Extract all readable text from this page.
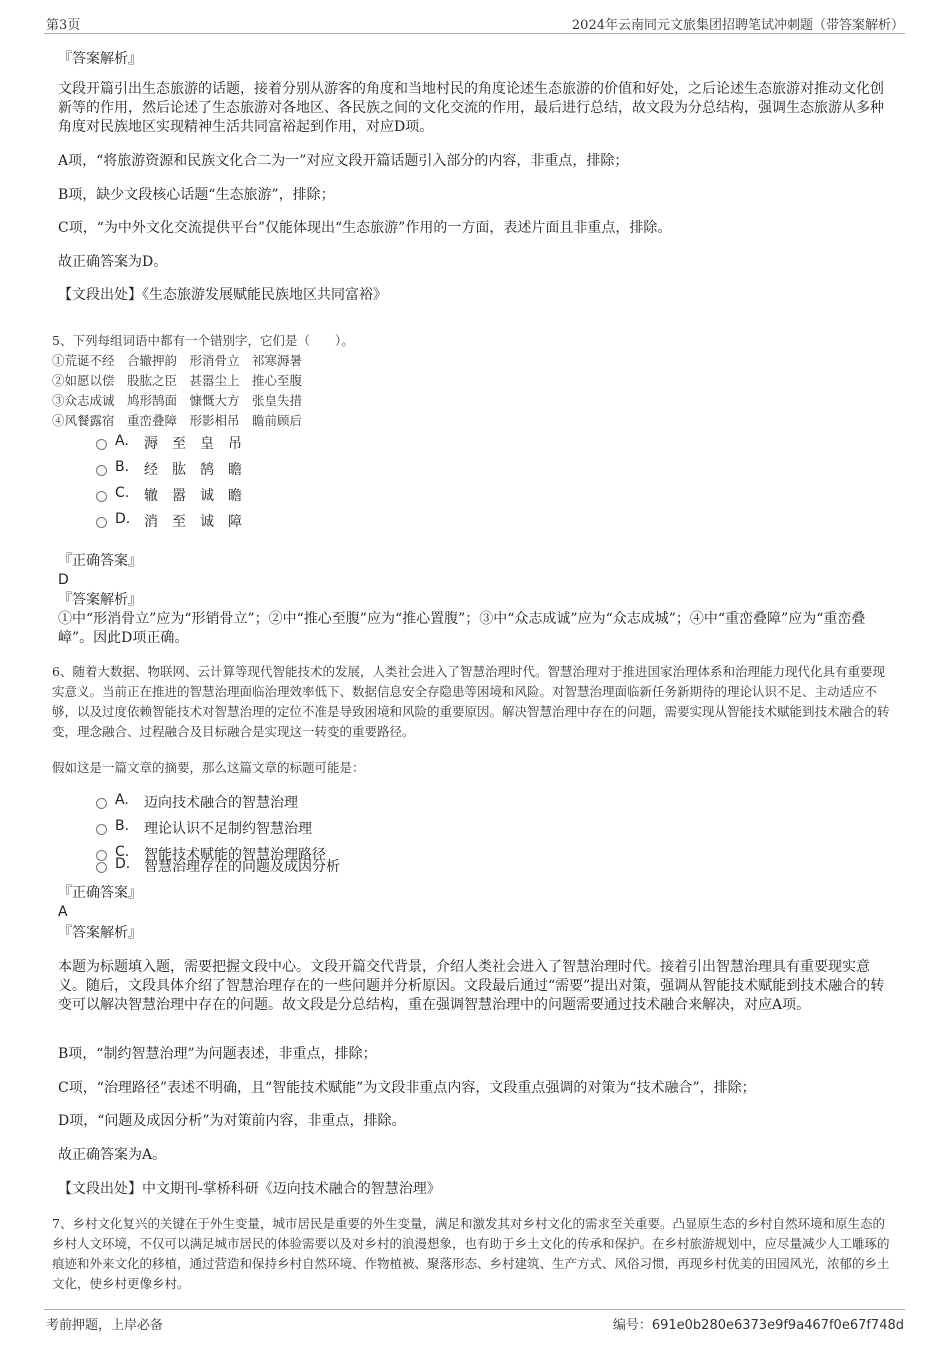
第3页	2024年云南同元文旅集团招聘笔试冲刺题（带答案解析）
『答案解析』
文段开篇引出生态旅游的话题，接着分别从游客的角度和当地村民的角度论述生态旅游的价值和好处，之后论述生态旅游对推动文化创新等的作用，然后论述了生态旅游对各地区、各民族之间的文化交流的作用，最后进行总结，故文段为分总结构，强调生态旅游从多种角度对民族地区实现精神生活共同富裕起到作用，对应D项。
A项，“将旅游资源和民族文化合二为一”对应文段开篇话题引入部分的内容，非重点，排除；
B项，缺少文段核心话题“生态旅游”，排除；
C项，“为中外文化交流提供平台”仅能体现出“生态旅游”作用的一方面，表述片面且非重点，排除。
故正确答案为D。
【文段出处】《生态旅游发展赋能民族地区共同富裕》
5、下列每组词语中都有一个错别字，它们是（　　）。
①荒诞不经　合辙押韵　形消骨立　祁寒溽暑
②如愿以偿　股肱之臣　甚嚣尘上　推心至腹
③众志成诚　鸠形鹄面　慷慨大方　张皇失措
④风餐露宿　重峦叠障　形影相吊　瞻前顾后
A. 溽至皇吊
B. 经肱鹄瞻
C. 辙嚣诚瞻
D. 消至诚障
『正确答案』
D
『答案解析』
①中“形消骨立”应为“形销骨立”；②中“推心至腹”应为“推心置腹”；③中“众志成诚”应为“众志成城”；④中“重峦叠障”应为“重峦叠嶂”。因此D项正确。
6、随着大数据、物联网、云计算等现代智能技术的发展，人类社会进入了智慧治理时代。智慧治理对于推进国家治理体系和治理能力现代化具有重要现实意义。当前正在推进的智慧治理面临治理效率低下、数据信息安全存隐患等困境和风险。对智慧治理面临新任务新期待的理论认识不足、主动适应不够，以及过度依赖智能技术对智慧治理的定位不准是导致困境和风险的重要原因。解决智慧治理中存在的问题，需要实现从智能技术赋能到技术融合的转变，理念融合、过程融合及目标融合是实现这一转变的重要路径。
假如这是一篇文章的摘要，那么这篇文章的标题可能是：
A. 迈向技术融合的智慧治理
B. 理论认识不足制约智慧治理
C. 智能技术赋能的智慧治理路径
D. 智慧治理存在的问题及成因分析
『正确答案』
A
『答案解析』
本题为标题填入题，需要把握文段中心。文段开篇交代背景，介绍人类社会进入了智慧治理时代。接着引出智慧治理具有重要现实意义。随后，文段具体介绍了智慧治理存在的一些问题并分析原因。文段最后通过“需要”提出对策，强调从智能技术赋能到技术融合的转变可以解决智慧治理中存在的问题。故文段是分总结构，重在强调智慧治理中的问题需要通过技术融合来解决，对应A项。
B项，“制约智慧治理”为问题表述，非重点，排除；
C项，“治理路径”表述不明确，且“智能技术赋能”为文段非重点内容，文段重点强调的对策为“技术融合”，排除；
D项，“问题及成因分析”为对策前内容，非重点，排除。
故正确答案为A。
【文段出处】中文期刊-掌桥科研《迈向技术融合的智慧治理》
7、乡村文化复兴的关键在于外生变量，城市居民是重要的外生变量，满足和激发其对乡村文化的需求至关重要。凸显原生态的乡村自然环境和原生态的乡村人文环境，不仅可以满足城市居民的体验需要以及对乡村的浪漫想象，也有助于乡土文化的传承和保护。在乡村旅游规划中，应尽量减少人工雕琢的痕迹和外来文化的移植，通过营造和保持乡村自然环境、作物植被、聚落形态、乡村建筑、生产方式、风俗习惯，再现乡村优美的田园风光，浓郁的乡土文化，使乡村更像乡村。
考前押题，上岸必备	编号：691e0b280e6373e9f9a467f0e67f748d
